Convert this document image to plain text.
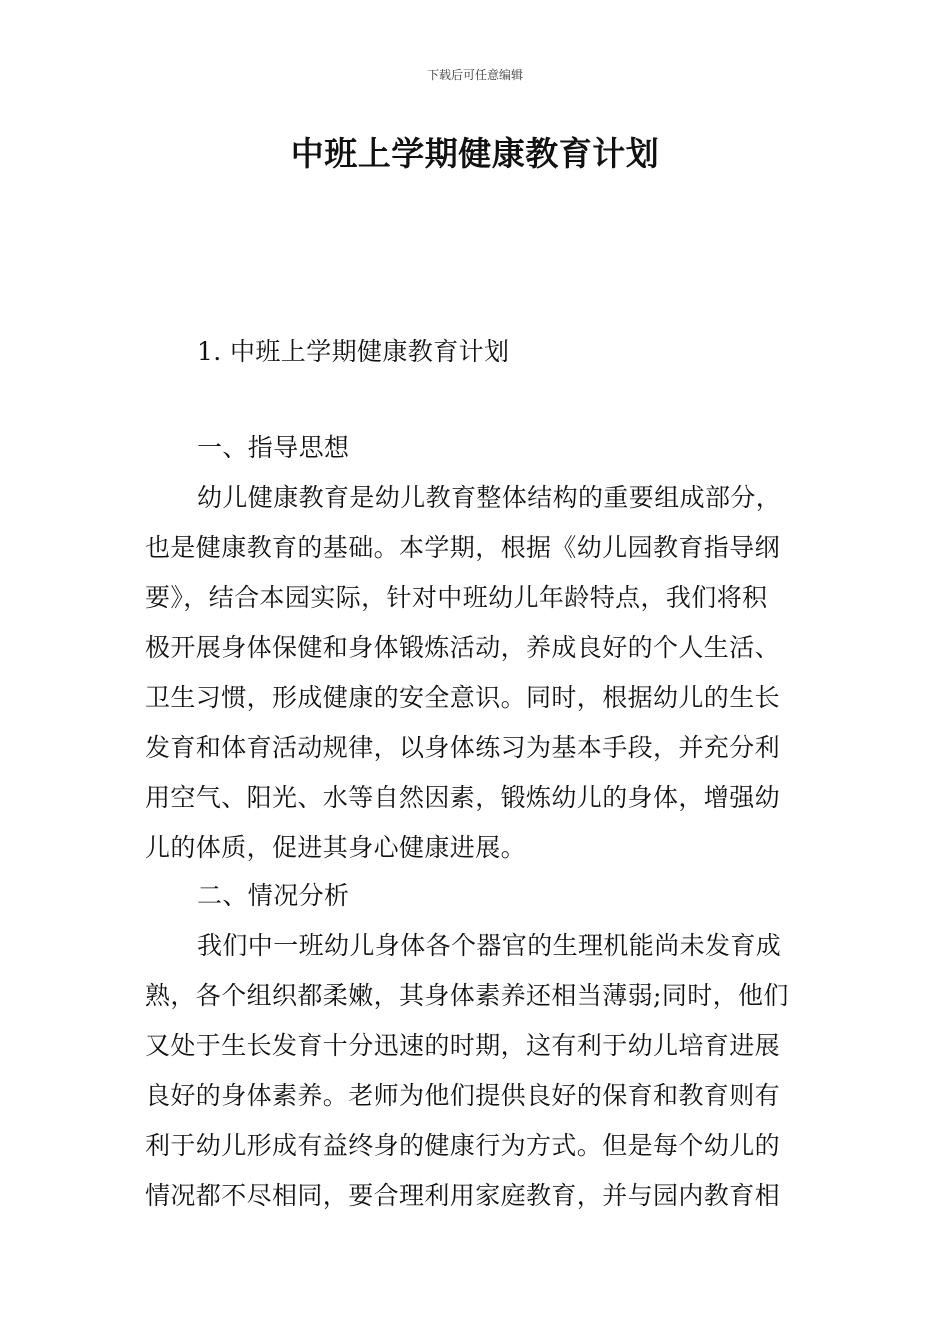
下载后可任意编辑
中班上学期健康教育计划
1. 中班上学期健康教育计划
一、指导思想
幼儿健康教育是幼儿教育整体结构的重要组成部分，
也是健康教育的基础。本学期，根据《幼儿园教育指导纲
要》，结合本园实际，针对中班幼儿年龄特点，我们将积
极开展身体保健和身体锻炼活动，养成良好的个人生活、
卫生习惯，形成健康的安全意识。同时，根据幼儿的生长
发育和体育活动规律，以身体练习为基本手段，并充分利
用空气、阳光、水等自然因素，锻炼幼儿的身体，增强幼
儿的体质，促进其身心健康进展。
二、情况分析
我们中一班幼儿身体各个器官的生理机能尚未发育成
熟，各个组织都柔嫩，其身体素养还相当薄弱;同时，他们
又处于生长发育十分迅速的时期，这有利于幼儿培育进展
良好的身体素养。老师为他们提供良好的保育和教育则有
利于幼儿形成有益终身的健康行为方式。但是每个幼儿的
情况都不尽相同，要合理利用家庭教育，并与园内教育相
